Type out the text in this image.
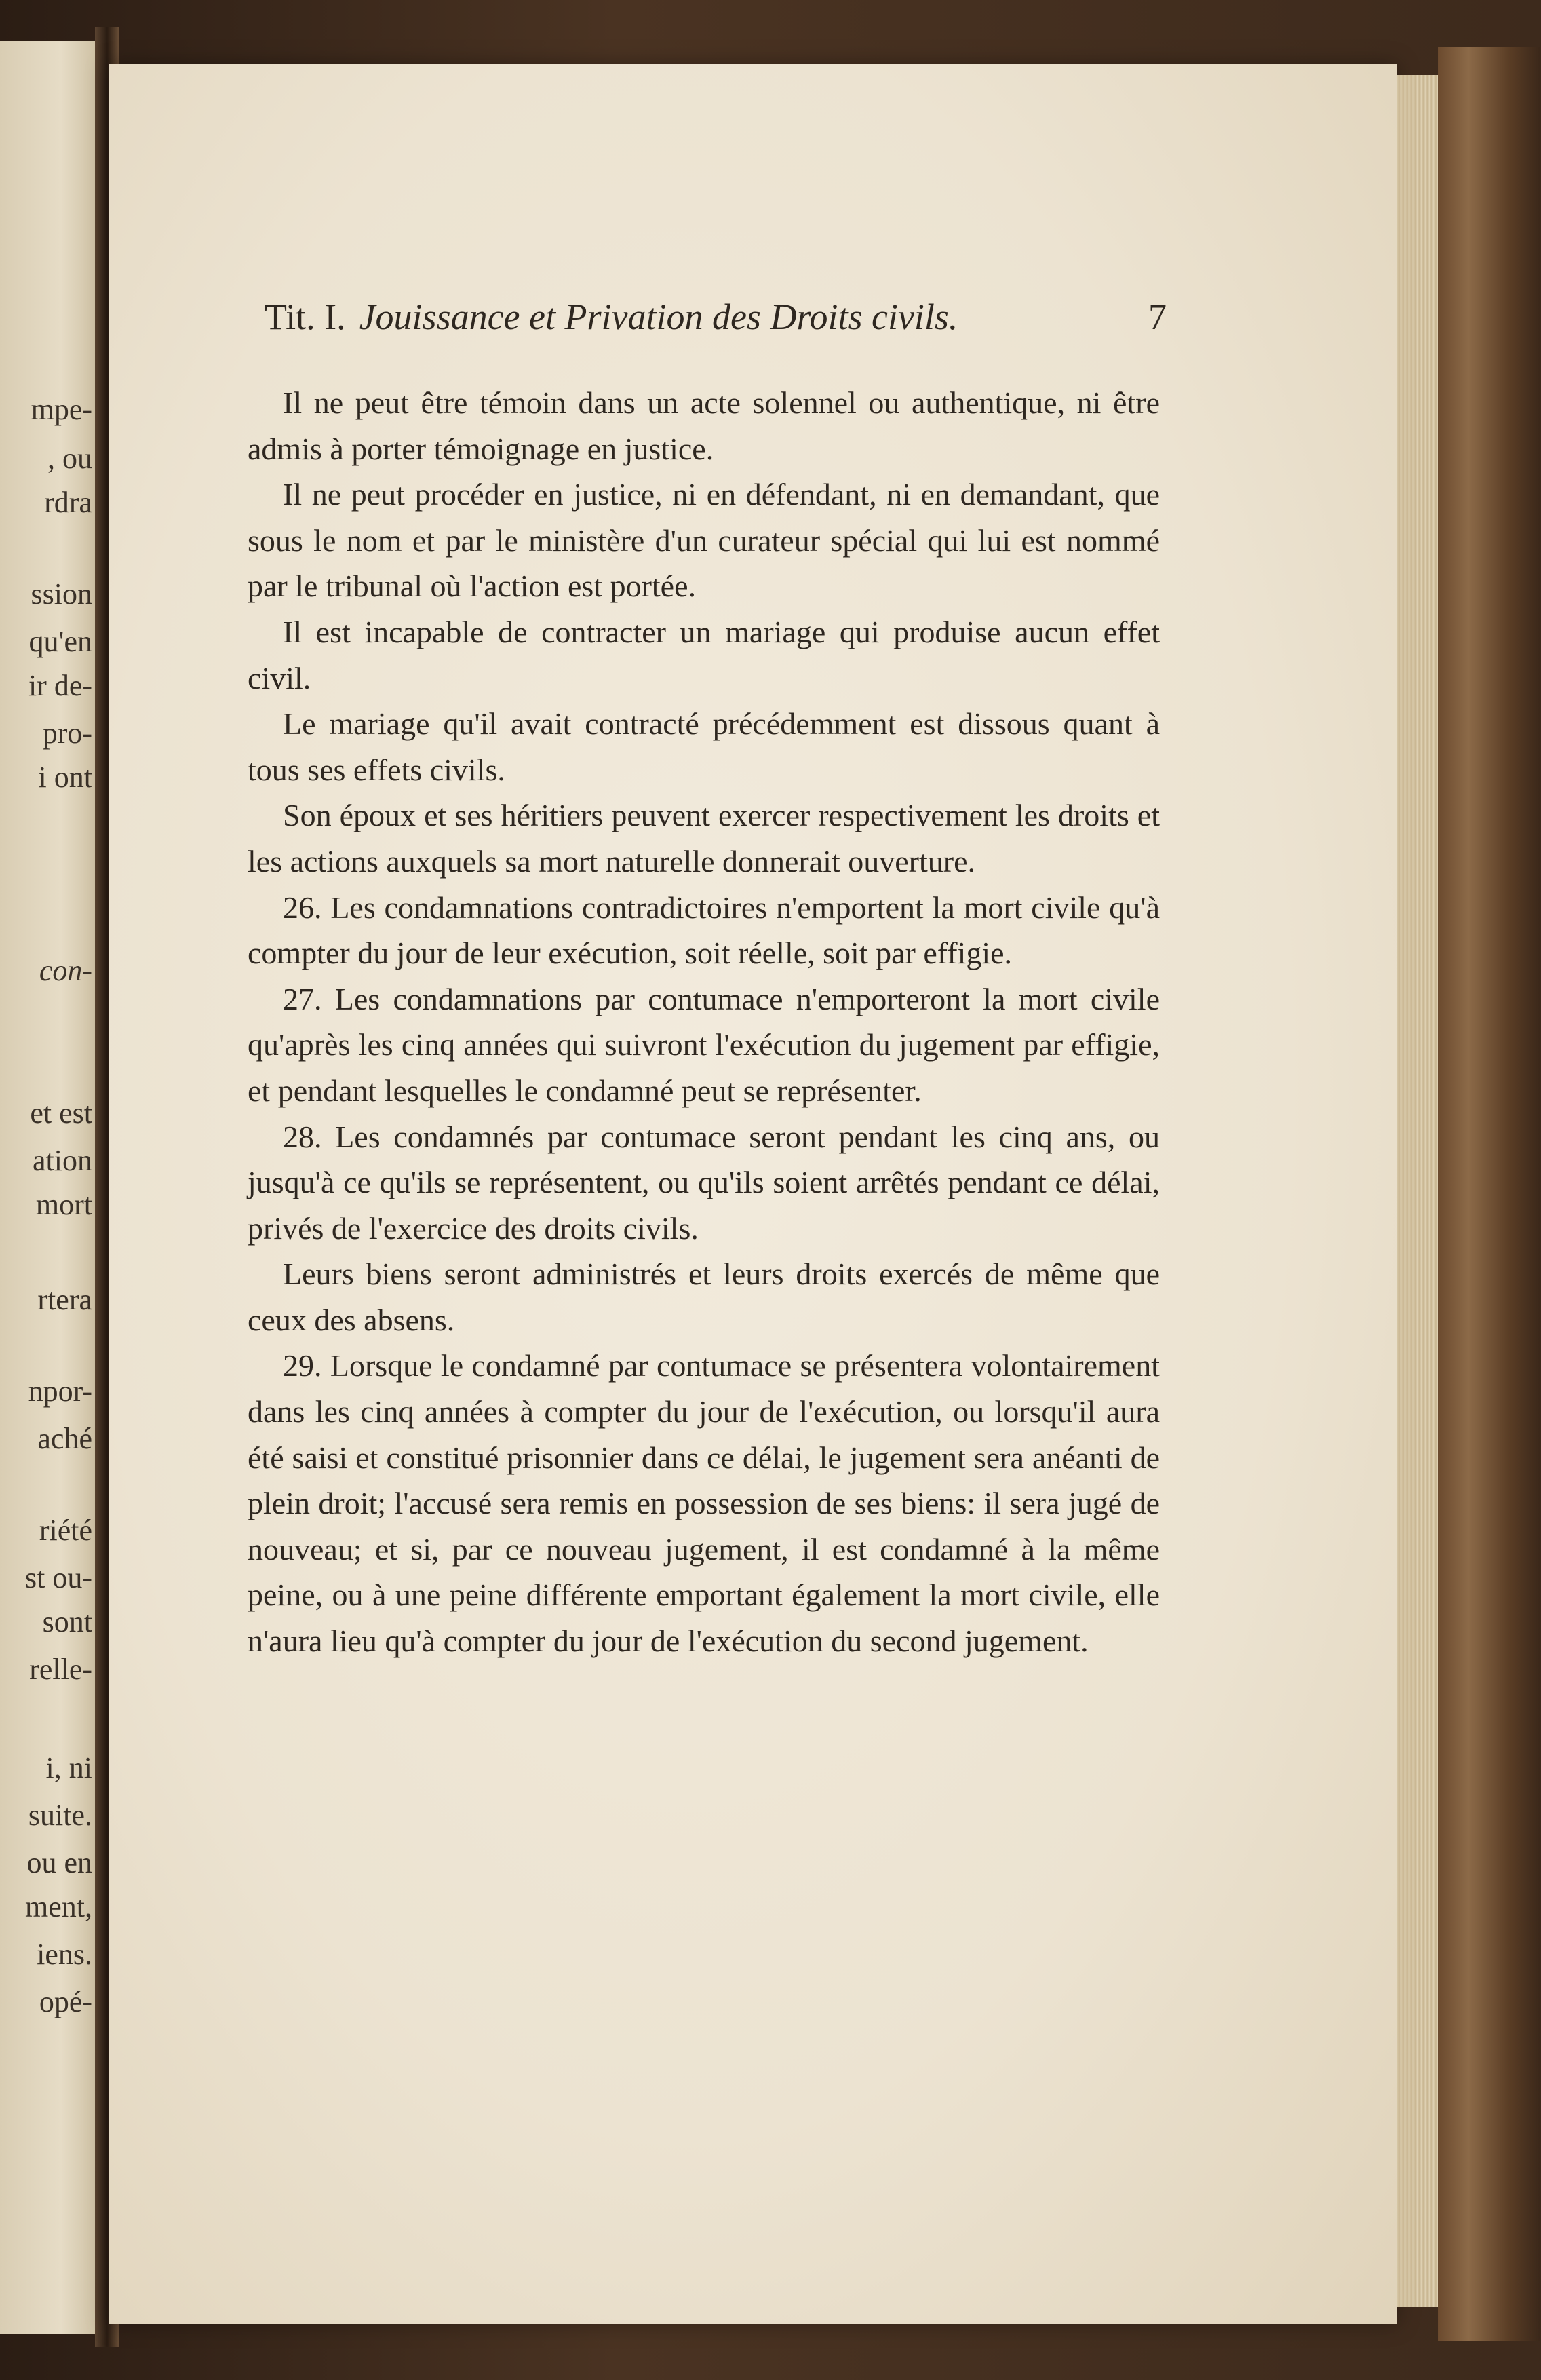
mpe-
, ou
rdra
ssion
qu'en
ir de-
pro-
i ont
con-
et est
ation
mort
rtera
npor-
aché
riété
st ou-
sont
relle-
i, ni
suite.
ou en
ment,
iens.
opé-
Tit. I. Jouissance et Privation des Droits civils.	7

Il ne peut être témoin dans un acte solennel ou authentique, ni être admis à porter témoignage en justice.

Il ne peut procéder en justice, ni en défendant, ni en demandant, que sous le nom et par le ministère d'un curateur spécial qui lui est nommé par le tribunal où l'action est portée.

Il est incapable de contracter un mariage qui produise aucun effet civil.

Le mariage qu'il avait contracté précédemment est dissous quant à tous ses effets civils.

Son époux et ses héritiers peuvent exercer respectivement les droits et les actions auxquels sa mort naturelle donnerait ouverture.

26. Les condamnations contradictoires n'emportent la mort civile qu'à compter du jour de leur exécution, soit réelle, soit par effigie.

27. Les condamnations par contumace n'emporteront la mort civile qu'après les cinq années qui suivront l'exécution du jugement par effigie, et pendant lesquelles le condamné peut se représenter.

28. Les condamnés par contumace seront pendant les cinq ans, ou jusqu'à ce qu'ils se représentent, ou qu'ils soient arrêtés pendant ce délai, privés de l'exercice des droits civils.

Leurs biens seront administrés et leurs droits exercés de même que ceux des absens.

29. Lorsque le condamné par contumace se présentera volontairement dans les cinq années à compter du jour de l'exécution, ou lorsqu'il aura été saisi et constitué prisonnier dans ce délai, le jugement sera anéanti de plein droit; l'accusé sera remis en possession de ses biens: il sera jugé de nouveau; et si, par ce nouveau jugement, il est condamné à la même peine, ou à une peine différente emportant également la mort civile, elle n'aura lieu qu'à compter du jour de l'exécution du second jugement.
